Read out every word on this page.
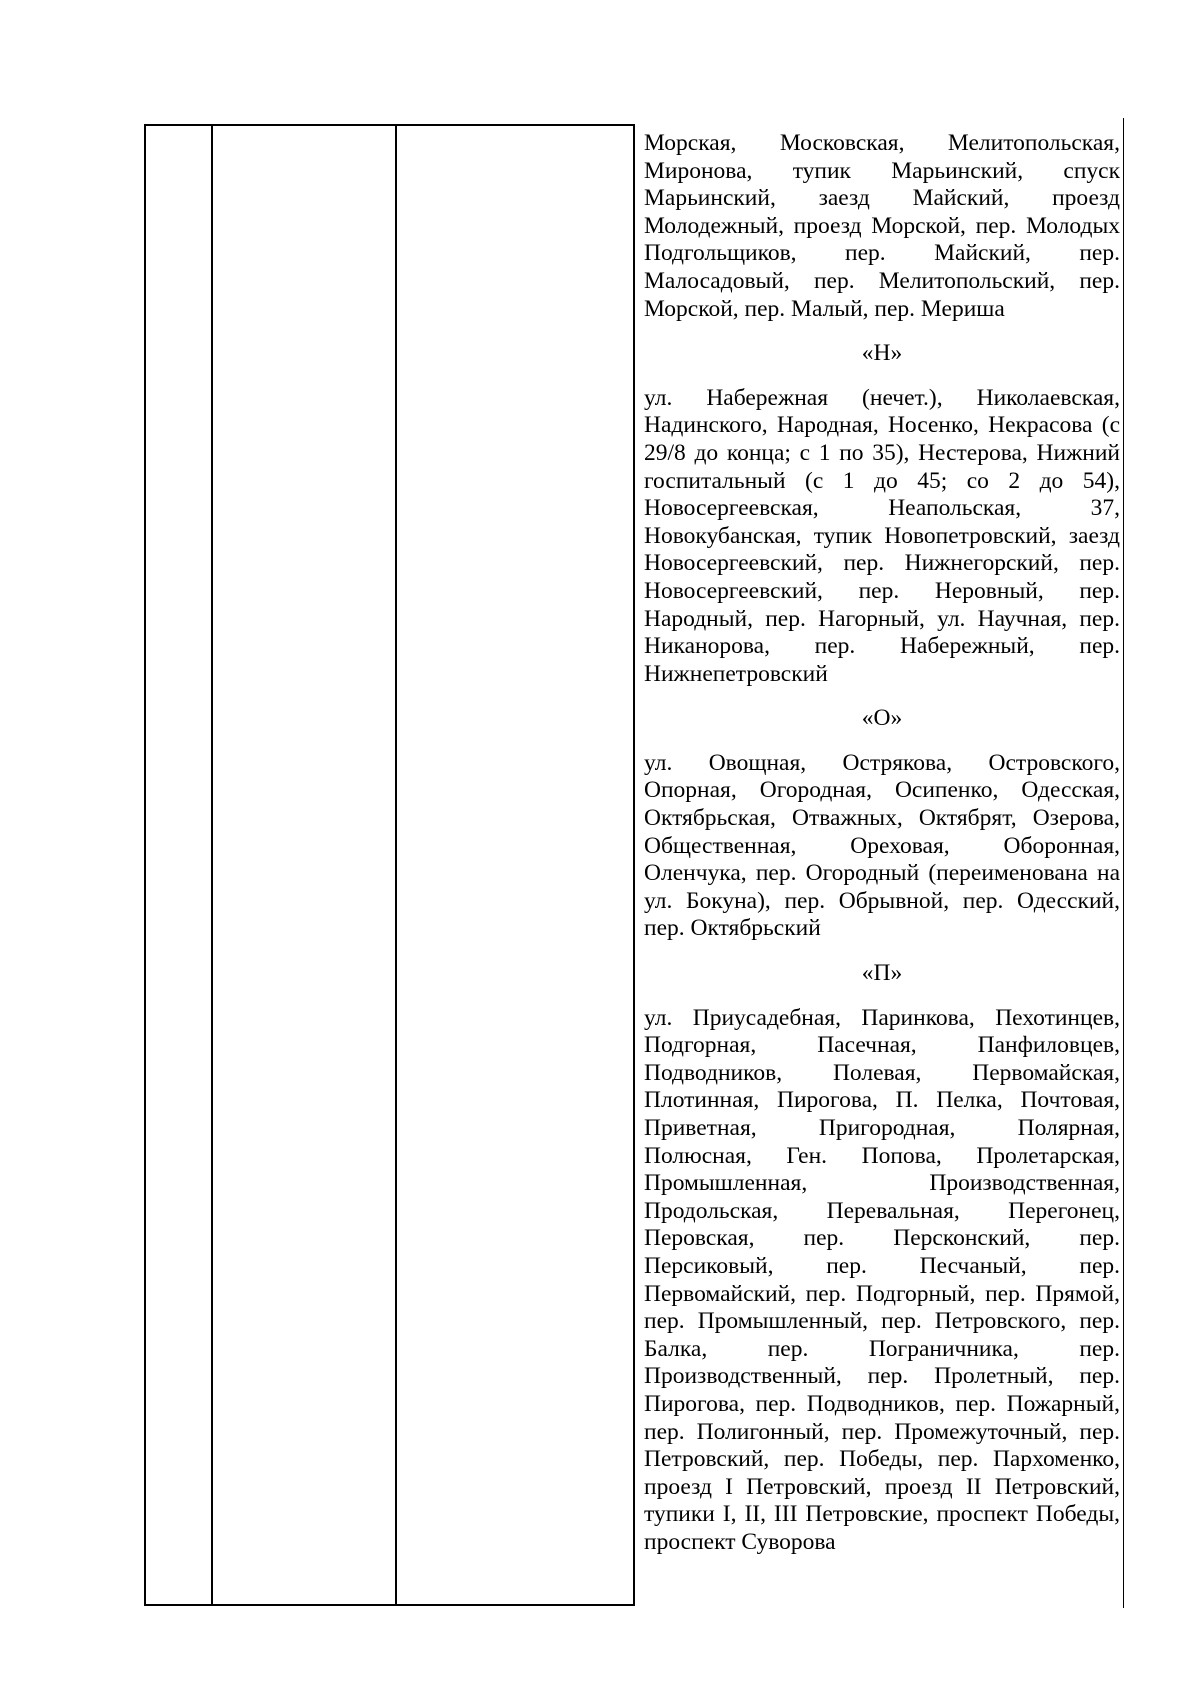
Морская, Московская, Мелитопольская, Миронова, тупик Марьинский, спуск Марьинский, заезд Майский, проезд Молодежный, проезд Морской, пер. Молодых Подгольщиков, пер. Майский, пер. Малосадовый, пер. Мелитопольский, пер. Морской, пер. Малый, пер. Мериша

«Н»

ул. Набережная (нечет.), Николаевская, Надинского, Народная, Носенко, Некрасова (с 29/8 до конца; с 1 по 35), Нестерова, Нижний госпитальный (с 1 до 45; со 2 до 54), Новосергеевская, Неапольская, 37, Новокубанская, тупик Новопетровский, заезд Новосергеевский, пер. Нижнегорский, пер. Новосергеевский, пер. Неровный, пер. Народный, пер. Нагорный, ул. Научная, пер. Никанорова, пер. Набережный, пер. Нижнепетровский

«О»

ул. Овощная, Острякова, Островского, Опорная, Огородная, Осипенко, Одесская, Октябрьская, Отважных, Октябрят, Озерова, Общественная, Ореховая, Оборонная, Оленчука, пер. Огородный (переименована на ул. Бокуна), пер. Обрывной, пер. Одесский, пер. Октябрьский

«П»

ул. Приусадебная, Паринкова, Пехотинцев, Подгорная, Пасечная, Панфиловцев, Подводников, Полевая, Первомайская, Плотинная, Пирогова, П. Пелка, Почтовая, Приветная, Пригородная, Полярная, Полюсная, Ген. Попова, Пролетарская, Промышленная, Производственная, Продольская, Перевальная, Перегонец, Перовская, пер. Персконский, пер. Персиковый, пер. Песчаный, пер. Первомайский, пер. Подгорный, пер. Прямой, пер. Промышленный, пер. Петровского, пер. Балка, пер. Пограничника, пер. Производственный, пер. Пролетный, пер. Пирогова, пер. Подводников, пер. Пожарный, пер. Полигонный, пер. Промежуточный, пер. Петровский, пер. Победы, пер. Пархоменко, проезд I Петровский, проезд II Петровский, тупики I, II, III Петровские, проспект Победы, проспект Суворова
